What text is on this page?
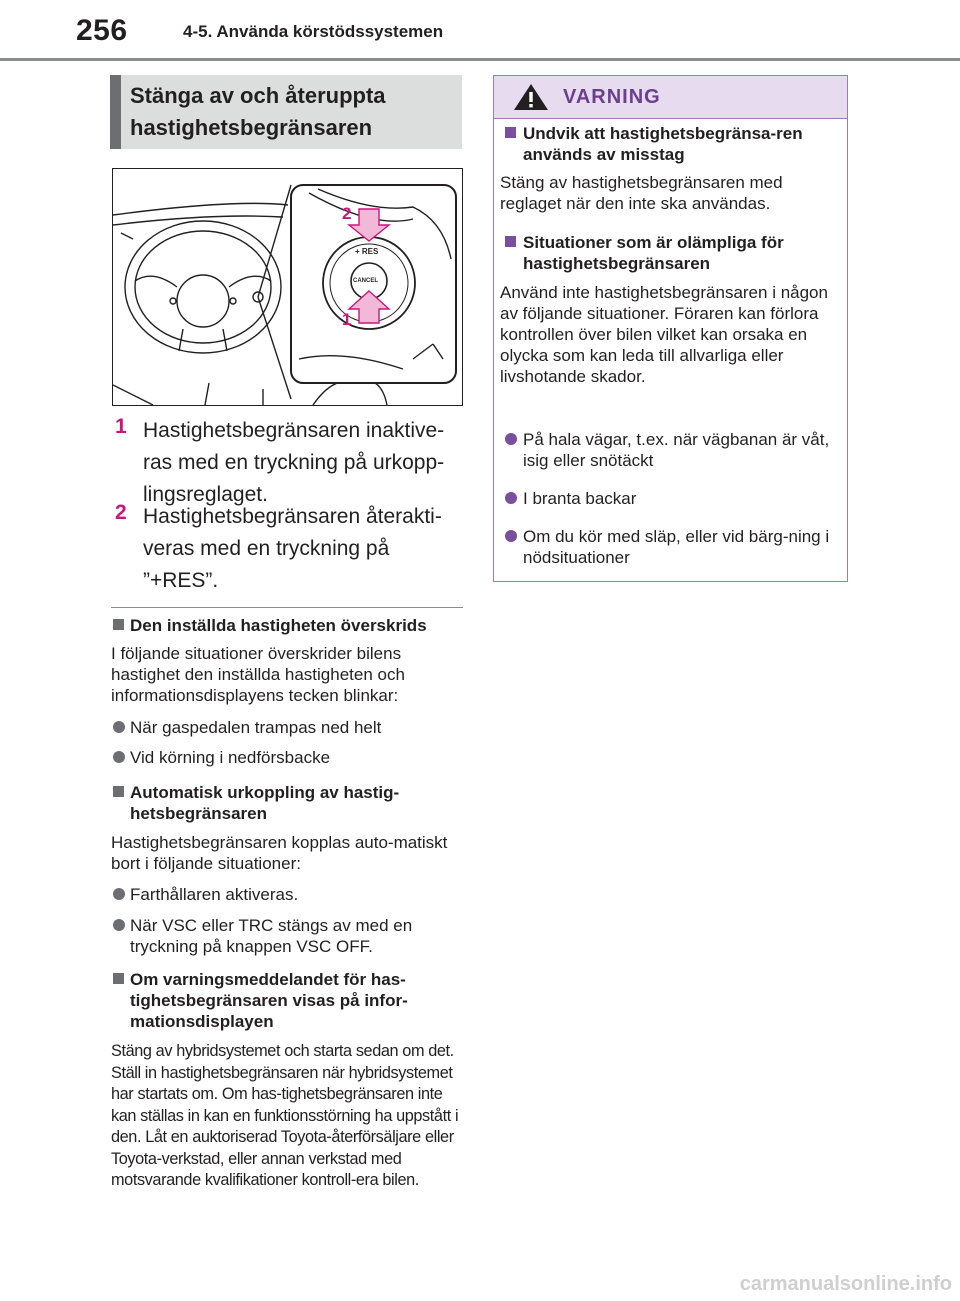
256	4-5. Använda körstödssystemen
Stänga av och återuppta
hastighetsbegränsaren
+ RES
CANCEL
2
1
1 Hastighetsbegränsaren inaktive-ras med en tryckning på urkopp-lingsreglaget.
2 Hastighetsbegränsaren återakti-veras med en tryckning på ”+RES”.
Den inställda hastigheten överskrids
I följande situationer överskrider bilens hastighet den inställda hastigheten och informationsdisplayens tecken blinkar:
När gaspedalen trampas ned helt
Vid körning i nedförsbacke
Automatisk urkoppling av hastig-hetsbegränsaren
Hastighetsbegränsaren kopplas auto-matiskt bort i följande situationer:
Farthållaren aktiveras.
När VSC eller TRC stängs av med en tryckning på knappen VSC OFF.
Om varningsmeddelandet för has-tighetsbegränsaren visas på infor-mationsdisplayen
Stäng av hybridsystemet och starta sedan om det. Ställ in hastighetsbegränsaren när hybridsystemet har startats om. Om has-tighetsbegränsaren inte kan ställas in kan en funktionsstörning ha uppstått i den. Låt en auktoriserad Toyota-återförsäljare eller Toyota-verkstad, eller annan verkstad med motsvarande kvalifikationer kontroll-era bilen.
VARNING
Undvik att hastighetsbegränsa-ren används av misstag
Stäng av hastighetsbegränsaren med reglaget när den inte ska användas.
Situationer som är olämpliga för hastighetsbegränsaren
Använd inte hastighetsbegränsaren i någon av följande situationer. Föraren kan förlora kontrollen över bilen vilket kan orsaka en olycka som kan leda till allvarliga eller livshotande skador.
På hala vägar, t.ex. när vägbanan är våt, isig eller snötäckt
I branta backar
Om du kör med släp, eller vid bärg-ning i nödsituationer
carmanualsonline.info
